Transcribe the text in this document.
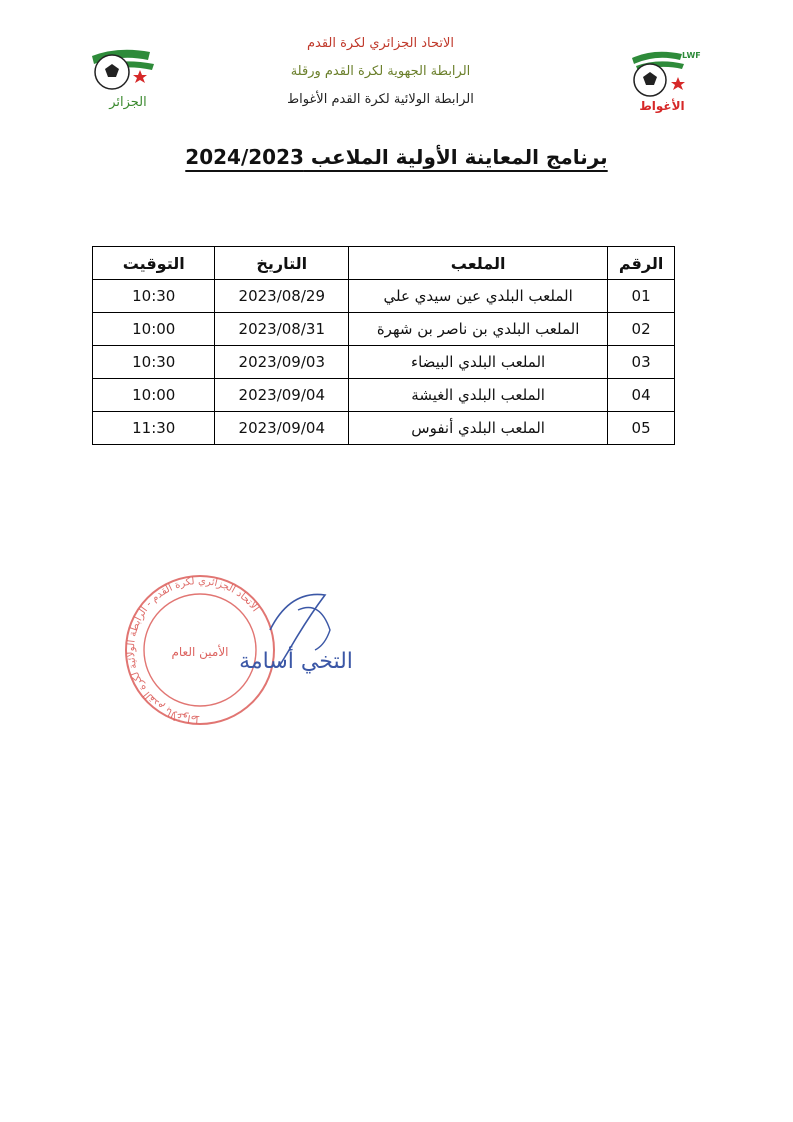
الجزائر
LWF
الأغواط
الاتحاد الجزائري لكرة القدم
الرابطة الجهوية لكرة القدم ورقلة
الرابطة الولائية لكرة القدم الأغواط
برنامج المعاينة الأولية الملاعب 2024/2023
الرقم	الملعب	التاريخ	التوقيت
01	الملعب البلدي عين سيدي علي	2023/08/29	10:30
02	الملعب البلدي بن ناصر بن شهرة	2023/08/31	10:00
03	الملعب البلدي البيضاء	2023/09/03	10:30
04	الملعب البلدي الغيشة	2023/09/04	10:00
05	الملعب البلدي أنفوس	2023/09/04	11:30
الاتحاد الجزائري لكرة القدم - الرابطة الولائية لكرة القدم بالأغواط
الأمين العام التخي أسامة
